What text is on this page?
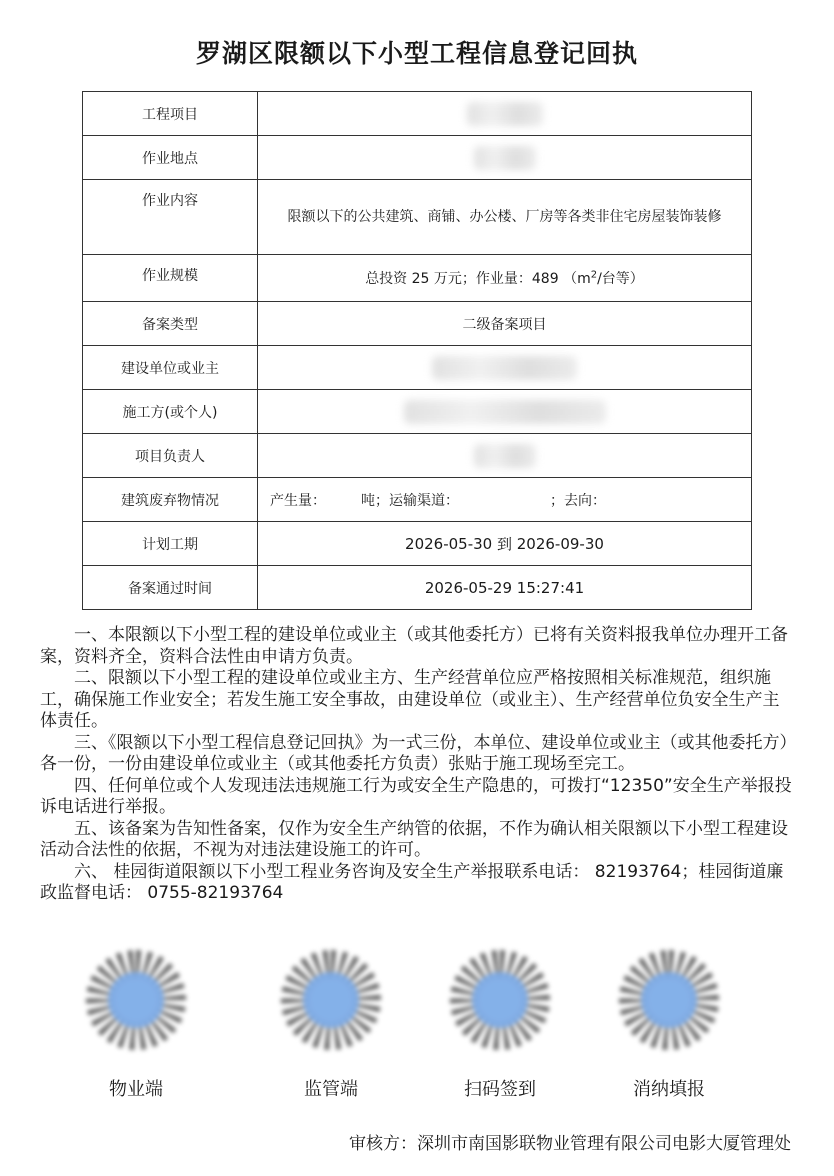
罗湖区限额以下小型工程信息登记回执
工程项目	
作业地点	
作业内容	限额以下的公共建筑、商铺、办公楼、厂房等各类非住宅房屋装饰装修
作业规模	总投资 25 万元；作业量：489 （$m^2/$台等）
备案类型	二级备案项目
建设单位或业主	
施工方(或个人)	
项目负责人	
建筑废弃物情况	产生量：　　　吨；运输渠道：　　　　　　　；去向：
计划工期	2026-05-30 到 2026-09-30
备案通过时间	2026-05-29 15:27:41

一、本限额以下小型工程的建设单位或业主（或其他委托方）已将有关资料报我单位办理开工备案，资料齐全，资料合法性由申请方负责。

二、限额以下小型工程的建设单位或业主方、生产经营单位应严格按照相关标准规范，组织施工，确保施工作业安全；若发生施工安全事故，由建设单位（或业主）、生产经营单位负安全生产主体责任。

三、《限额以下小型工程信息登记回执》为一式三份，本单位、建设单位或业主（或其他委托方）各一份，一份由建设单位或业主（或其他委托方负责）张贴于施工现场至完工。

四、任何单位或个人发现违法违规施工行为或安全生产隐患的，可拨打“12350”安全生产举报投诉电话进行举报。

五、该备案为告知性备案，仅作为安全生产纳管的依据，不作为确认相关限额以下小型工程建设活动合法性的依据，不视为对违法建设施工的许可。

六、 桂园街道限额以下小型工程业务咨询及安全生产举报联系电话： 82193764；桂园街道廉政监督电话： 0755-82193764

物业端	监管端	扫码签到	消纳填报
审核方：深圳市南国影联物业管理有限公司电影大厦管理处
